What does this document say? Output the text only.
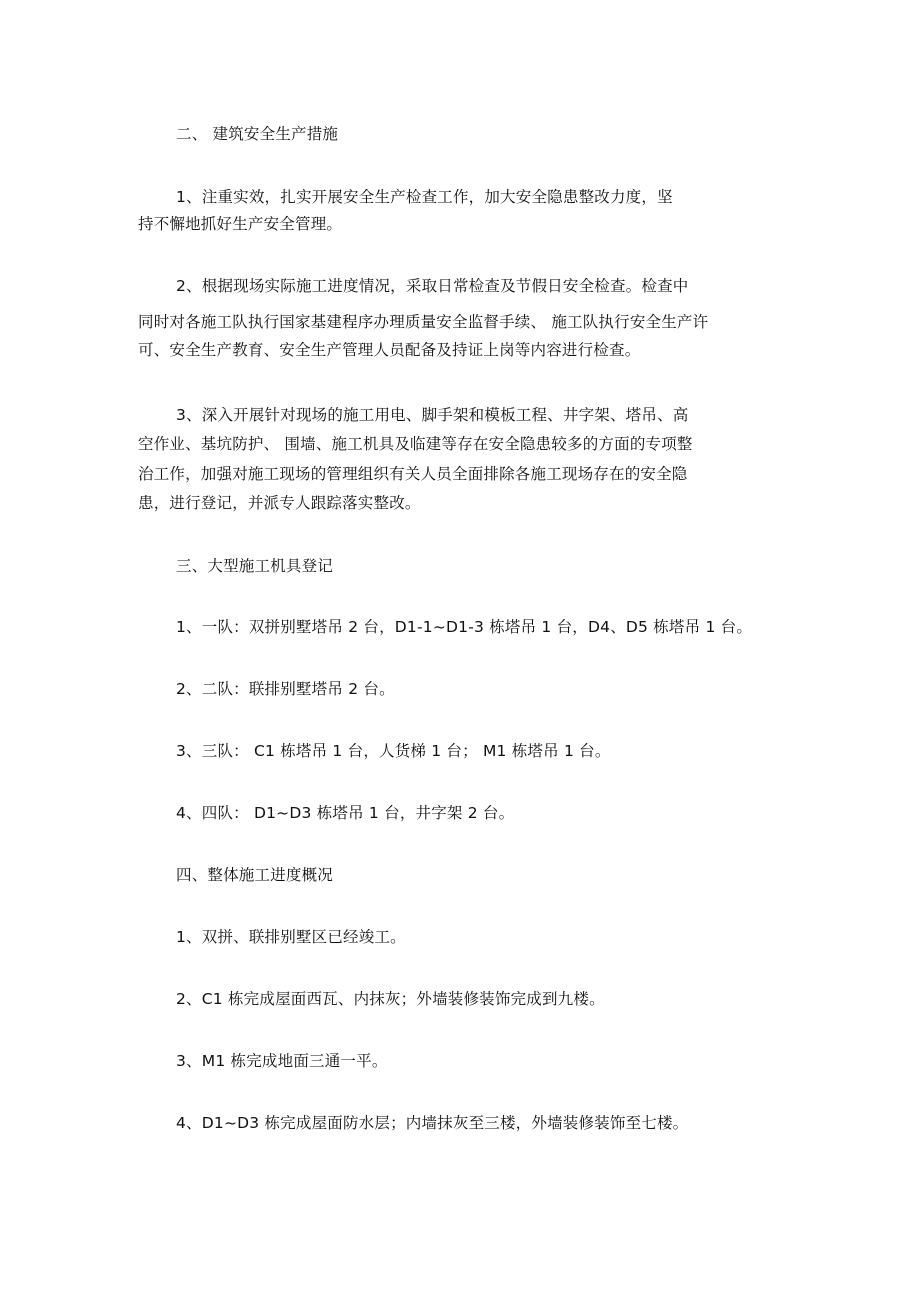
二、 建筑安全生产措施
1、注重实效，扎实开展安全生产检查工作，加大安全隐患整改力度，坚
持不懈地抓好生产安全管理。
2、根据现场实际施工进度情况，采取日常检查及节假日安全检查。检查中
同时对各施工队执行国家基建程序办理质量安全监督手续、 施工队执行安全生产许
可、安全生产教育、安全生产管理人员配备及持证上岗等内容进行检查。
3、深入开展针对现场的施工用电、脚手架和模板工程、井字架、塔吊、高
空作业、基坑防护、 围墙、施工机具及临建等存在安全隐患较多的方面的专项整
治工作，加强对施工现场的管理组织有关人员全面排除各施工现场存在的安全隐
患，进行登记，并派专人跟踪落实整改。
三、大型施工机具登记
1、一队：双拼别墅塔吊 2 台，D1-1~D1-3 栋塔吊 1 台，D4、D5 栋塔吊 1 台。
2、二队：联排别墅塔吊 2 台。
3、三队： C1 栋塔吊 1 台，人货梯 1 台； M1 栋塔吊 1 台。
4、四队： D1~D3 栋塔吊 1 台，井字架 2 台。
四、整体施工进度概况
1、双拼、联排别墅区已经竣工。
2、C1 栋完成屋面西瓦、内抹灰；外墙装修装饰完成到九楼。
3、M1 栋完成地面三通一平。
4、D1~D3 栋完成屋面防水层；内墙抹灰至三楼，外墙装修装饰至七楼。
